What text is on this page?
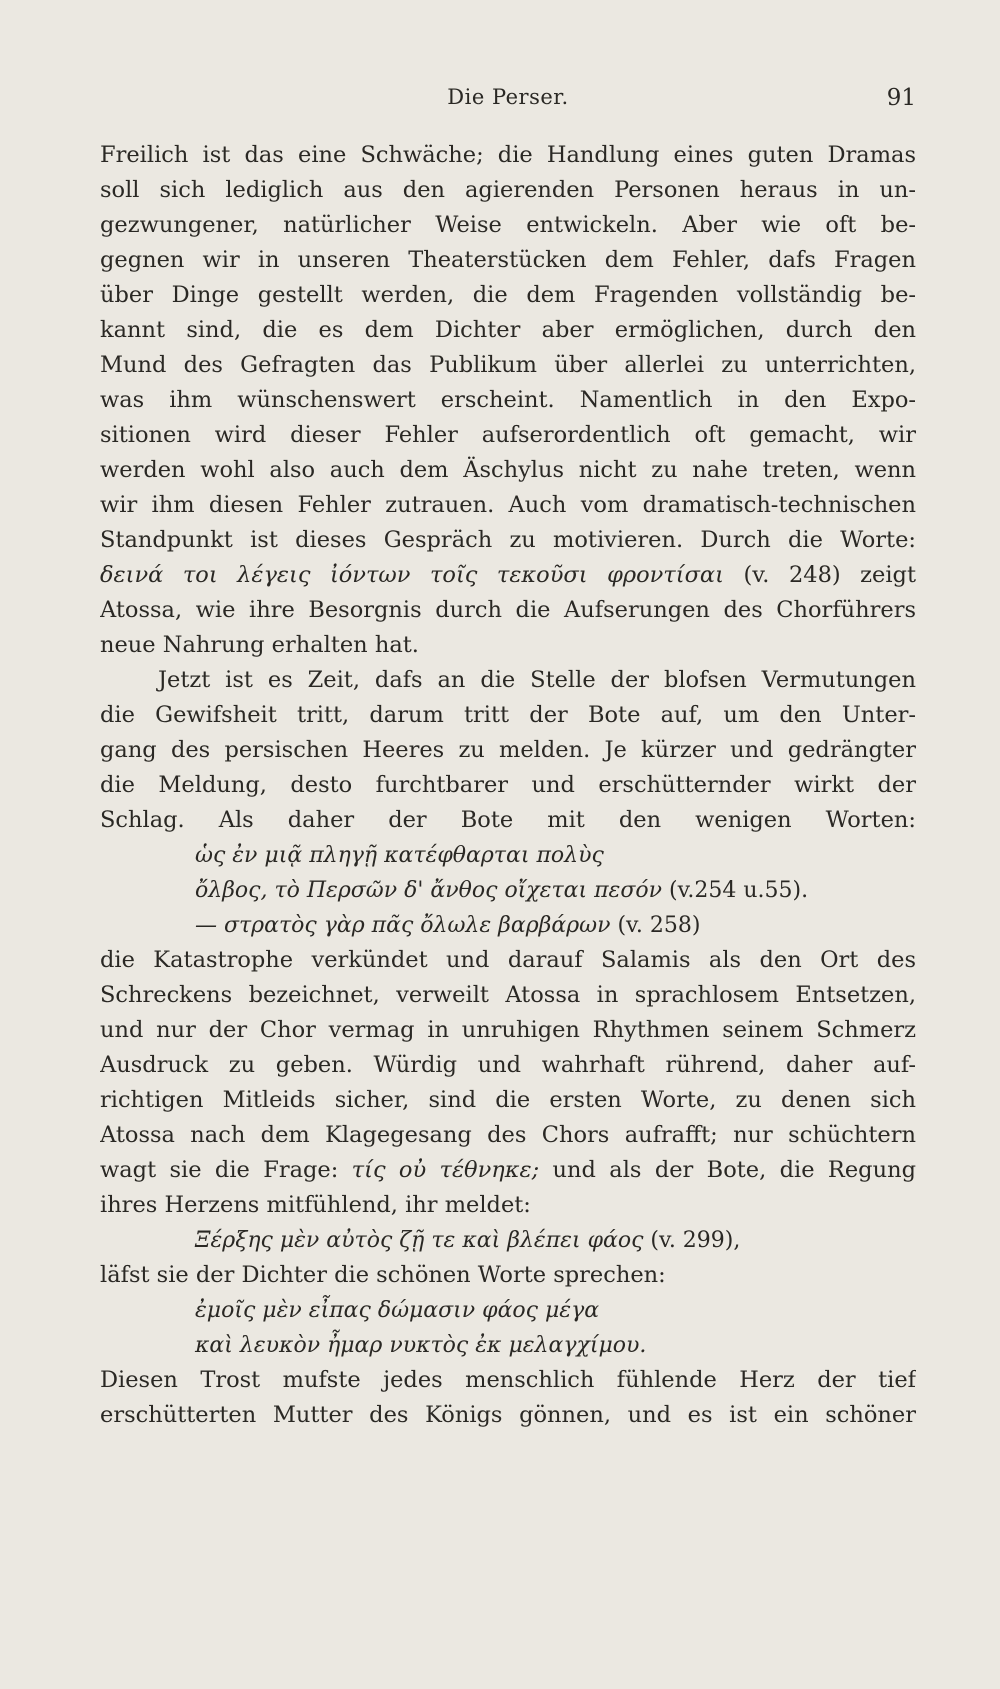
Die Perser.	91
Freilich ist das eine Schwäche; die Handlung eines guten Dramas
soll sich lediglich aus den agierenden Personen heraus in un-
gezwungener, natürlicher Weise entwickeln. Aber wie oft be-
gegnen wir in unseren Theaterstücken dem Fehler, dafs Fragen
über Dinge gestellt werden, die dem Fragenden vollständig be-
kannt sind, die es dem Dichter aber ermöglichen, durch den
Mund des Gefragten das Publikum über allerlei zu unterrichten,
was ihm wünschenswert erscheint. Namentlich in den Expo-
sitionen wird dieser Fehler aufserordentlich oft gemacht, wir
werden wohl also auch dem Äschylus nicht zu nahe treten, wenn
wir ihm diesen Fehler zutrauen. Auch vom dramatisch-technischen
Standpunkt ist dieses Gespräch zu motivieren. Durch die Worte:
δεινά τοι λέγεις ἰόντων τοῖς τεκοῦσι φροντίσαι (v. 248) zeigt
Atossa, wie ihre Besorgnis durch die Aufserungen des Chorführers
neue Nahrung erhalten hat.
Jetzt ist es Zeit, dafs an die Stelle der blofsen Vermutungen
die Gewifsheit tritt, darum tritt der Bote auf, um den Unter-
gang des persischen Heeres zu melden. Je kürzer und gedrängter
die Meldung, desto furchtbarer und erschütternder wirkt der
Schlag. Als daher der Bote mit den wenigen Worten:
ὡς ἐν μιᾷ πληγῇ κατέφθαρται πολὺς
ὄλβος, τὸ Περσῶν δ' ἄνθος οἴχεται πεσόν (v.254 u.55).
— στρατὸς γὰρ πᾶς ὄλωλε βαρβάρων (v. 258)
die Katastrophe verkündet und darauf Salamis als den Ort des
Schreckens bezeichnet, verweilt Atossa in sprachlosem Entsetzen,
und nur der Chor vermag in unruhigen Rhythmen seinem Schmerz
Ausdruck zu geben. Würdig und wahrhaft rührend, daher auf-
richtigen Mitleids sicher, sind die ersten Worte, zu denen sich
Atossa nach dem Klagegesang des Chors aufrafft; nur schüchtern
wagt sie die Frage: τίς οὐ τέθνηκε; und als der Bote, die Regung
ihres Herzens mitfühlend, ihr meldet:
Ξέρξης μὲν αὐτὸς ζῇ τε καὶ βλέπει φάος (v. 299),
läfst sie der Dichter die schönen Worte sprechen:
ἐμοῖς μὲν εἶπας δώμασιν φάος μέγα
καὶ λευκὸν ἦμαρ νυκτὸς ἐκ μελαγχίμου.
Diesen Trost mufste jedes menschlich fühlende Herz der tief
erschütterten Mutter des Königs gönnen, und es ist ein schöner
